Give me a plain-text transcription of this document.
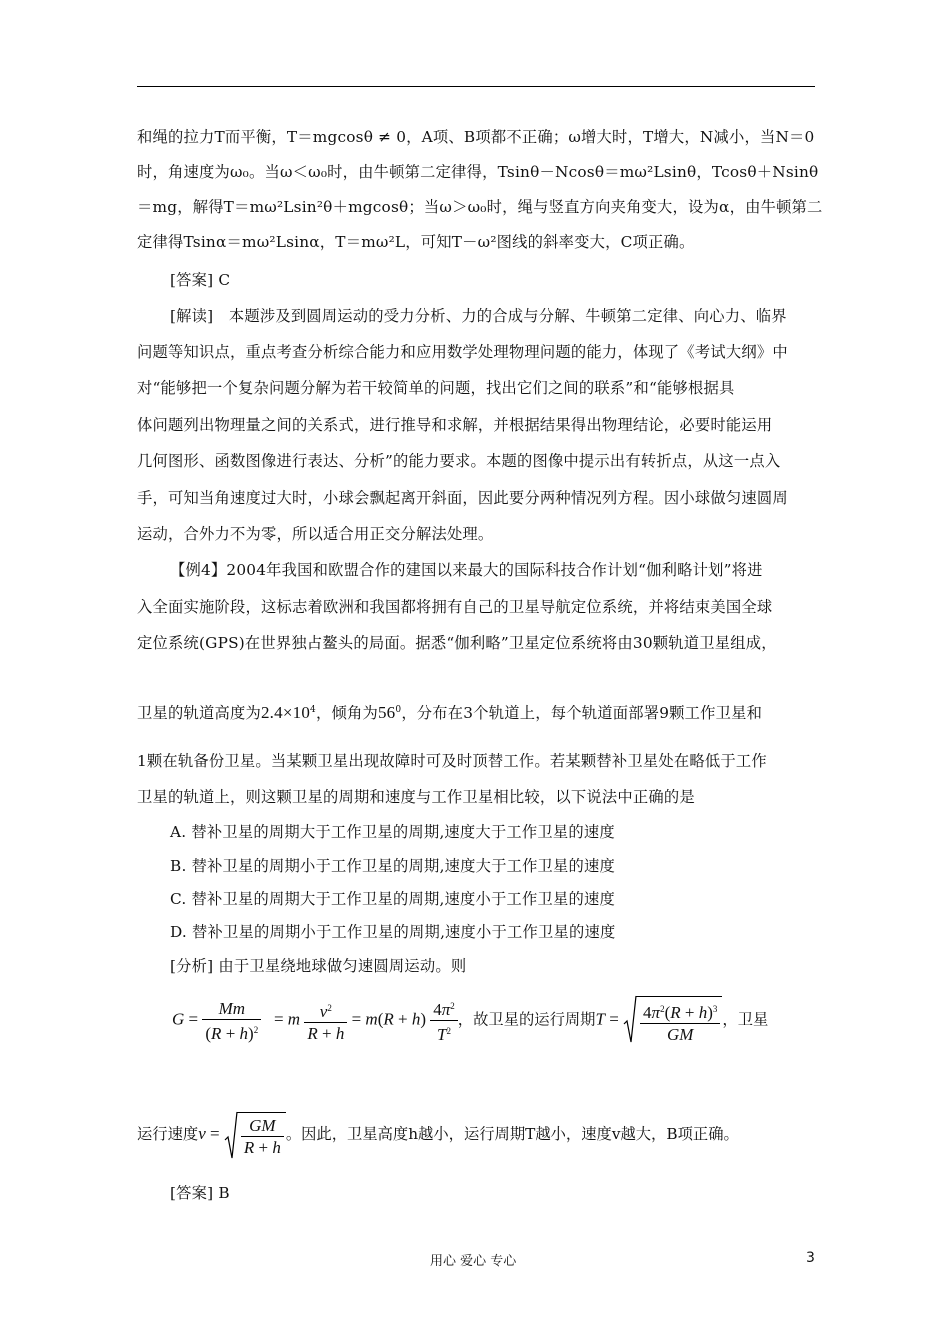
和绳的拉力T而平衡，T＝mgcosθ ≠ 0，A项、B项都不正确；ω增大时，T增大，N减小，当N＝0
时，角速度为ω₀。当ω＜ω₀时，由牛顿第二定律得，Tsinθ－Ncosθ＝mω²Lsinθ，Tcosθ＋Nsinθ
＝mg，解得T＝mω²Lsin²θ＋mgcosθ；当ω＞ω₀时，绳与竖直方向夹角变大，设为α，由牛顿第二
定律得Tsinα＝mω²Lsinα，T＝mω²L，可知T－ω²图线的斜率变大，C项正确。
[答案] C
[解读]　本题涉及到圆周运动的受力分析、力的合成与分解、牛顿第二定律、向心力、临界
问题等知识点，重点考查分析综合能力和应用数学处理物理问题的能力，体现了《考试大纲》中
对“能够把一个复杂问题分解为若干较简单的问题，找出它们之间的联系”和“能够根据具
体问题列出物理量之间的关系式，进行推导和求解，并根据结果得出物理结论，必要时能运用
几何图形、函数图像进行表达、分析”的能力要求。本题的图像中提示出有转折点，从这一点入
手，可知当角速度过大时，小球会飘起离开斜面，因此要分两种情况列方程。因小球做匀速圆周
运动，合外力不为零，所以适合用正交分解法处理。
【例4】2004年我国和欧盟合作的建国以来最大的国际科技合作计划“伽利略计划”将进
入全面实施阶段，这标志着欧洲和我国都将拥有自己的卫星导航定位系统，并将结束美国全球
定位系统(GPS)在世界独占鳌头的局面。据悉“伽利略”卫星定位系统将由30颗轨道卫星组成，
卫星的轨道高度为$2.4\times 10^4$，倾角为$56^0$，分布在3个轨道上，每个轨道面部署9颗工作卫星和
1颗在轨备份卫星。当某颗卫星出现故障时可及时顶替工作。若某颗替补卫星处在略低于工作
卫星的轨道上，则这颗卫星的周期和速度与工作卫星相比较，以下说法中正确的是
A. 替补卫星的周期大于工作卫星的周期‚速度大于工作卫星的速度
B. 替补卫星的周期小于工作卫星的周期‚速度大于工作卫星的速度
C. 替补卫星的周期大于工作卫星的周期‚速度小于工作卫星的速度
D. 替补卫星的周期小于工作卫星的周期‚速度小于工作卫星的速度
[分析] 由于卫星绕地球做匀速圆周运动。则
$G = \frac{Mm}{(R + h)^2} = m \frac{v^2}{R + h} = m(R + h) \frac{4\pi^2}{T^2}$ ，故卫星的运行周期$T = \frac{4\pi^2(R + h)^3}{GM}$ ，卫星
运行速度$v = \frac{GM}{R + h}$ 。因此，卫星高度h越小，运行周期T越小，速度v越大，B项正确。
[答案] B
用心 爱心 专心	3
